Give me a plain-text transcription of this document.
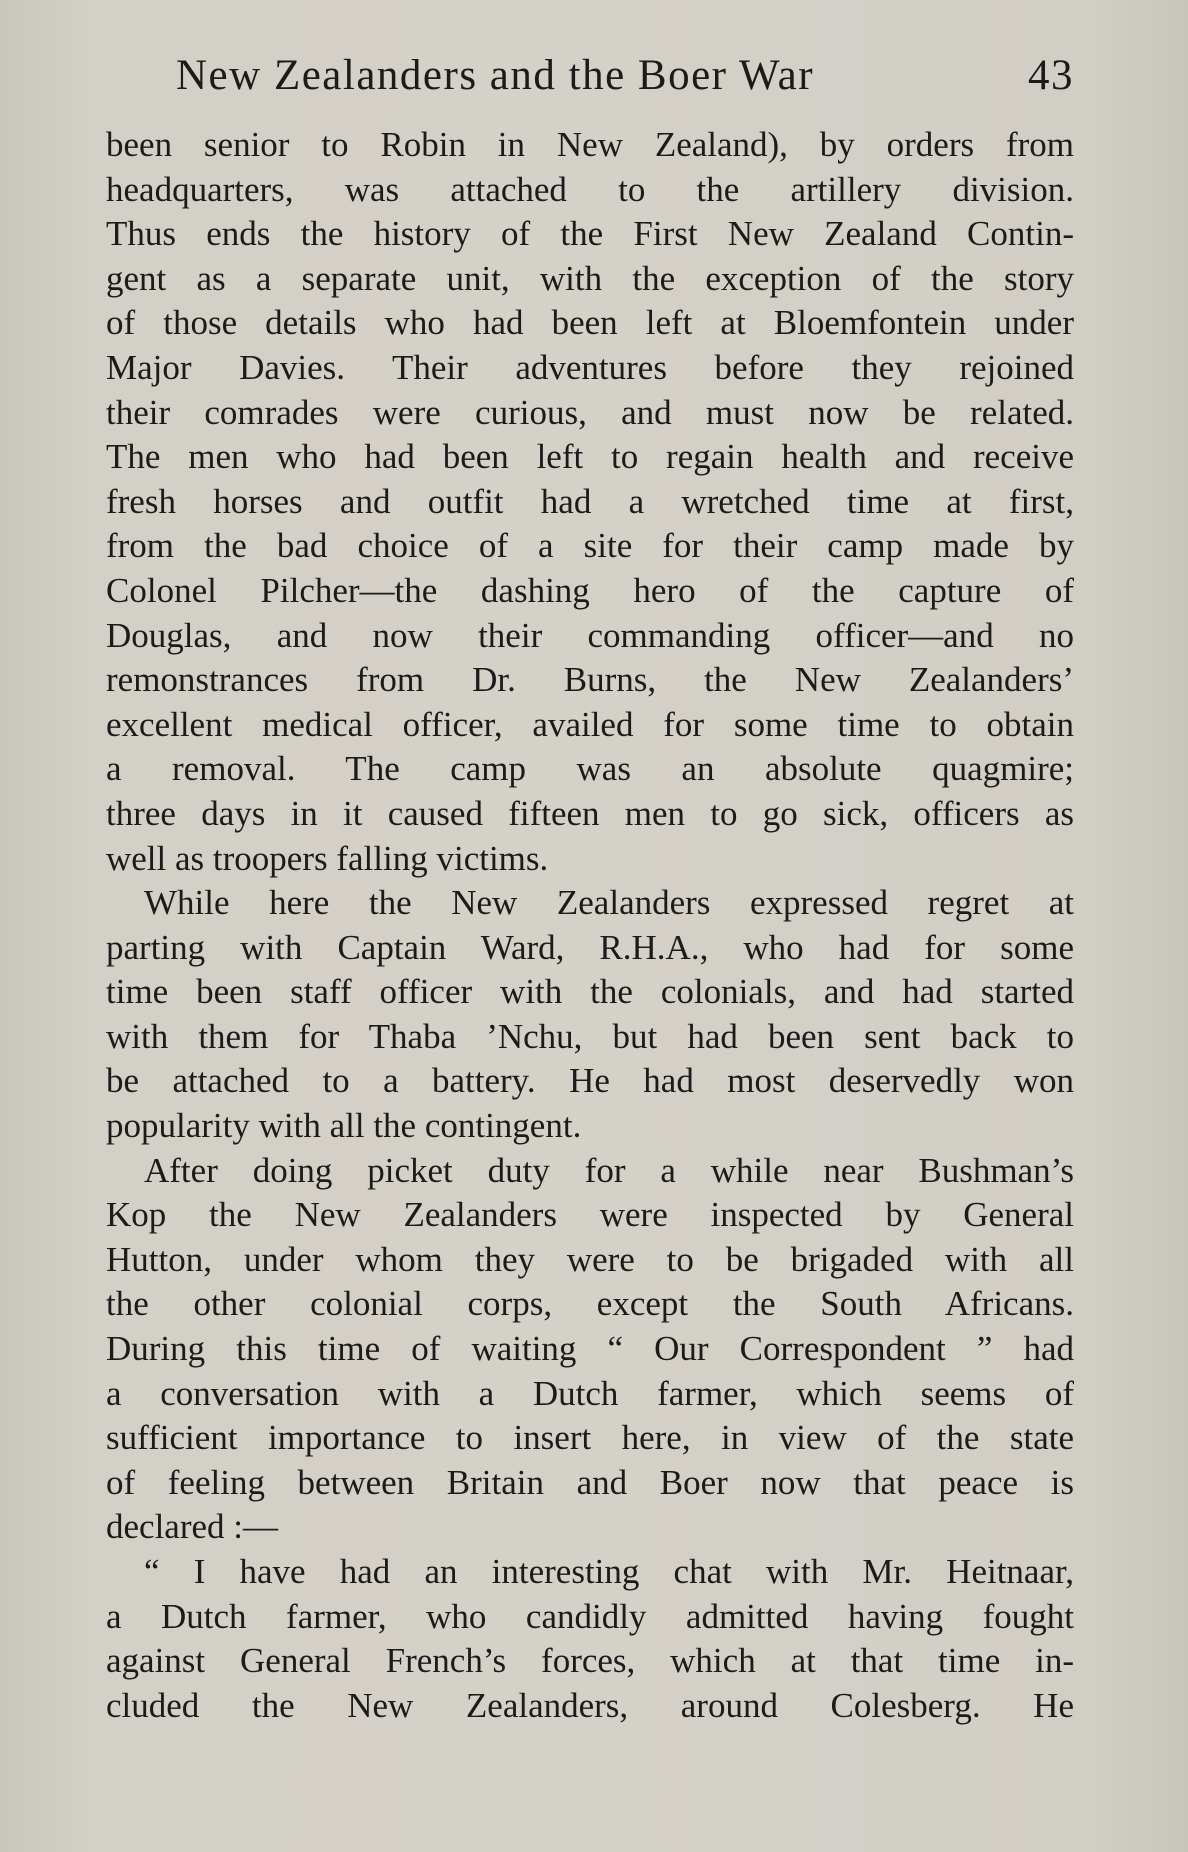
New Zealanders and the Boer War	43
been senior to Robin in New Zealand), by orders from
headquarters, was attached to the artillery division.
Thus ends the history of the First New Zealand Contin-
gent as a separate unit, with the exception of the story
of those details who had been left at Bloemfontein under
Major Davies. Their adventures before they rejoined
their comrades were curious, and must now be related.
The men who had been left to regain health and receive
fresh horses and outfit had a wretched time at first,
from the bad choice of a site for their camp made by
Colonel Pilcher—the dashing hero of the capture of
Douglas, and now their commanding officer—and no
remonstrances from Dr. Burns, the New Zealanders’
excellent medical officer, availed for some time to obtain
a removal. The camp was an absolute quagmire;
three days in it caused fifteen men to go sick, officers as
well as troopers falling victims.
While here the New Zealanders expressed regret at
parting with Captain Ward, R.H.A., who had for some
time been staff officer with the colonials, and had started
with them for Thaba ’Nchu, but had been sent back to
be attached to a battery. He had most deservedly won
popularity with all the contingent.
After doing picket duty for a while near Bushman’s
Kop the New Zealanders were inspected by General
Hutton, under whom they were to be brigaded with all
the other colonial corps, except the South Africans.
During this time of waiting “ Our Correspondent ” had
a conversation with a Dutch farmer, which seems of
sufficient importance to insert here, in view of the state
of feeling between Britain and Boer now that peace is
declared :—
“ I have had an interesting chat with Mr. Heitnaar,
a Dutch farmer, who candidly admitted having fought
against General French’s forces, which at that time in-
cluded the New Zealanders, around Colesberg. He
